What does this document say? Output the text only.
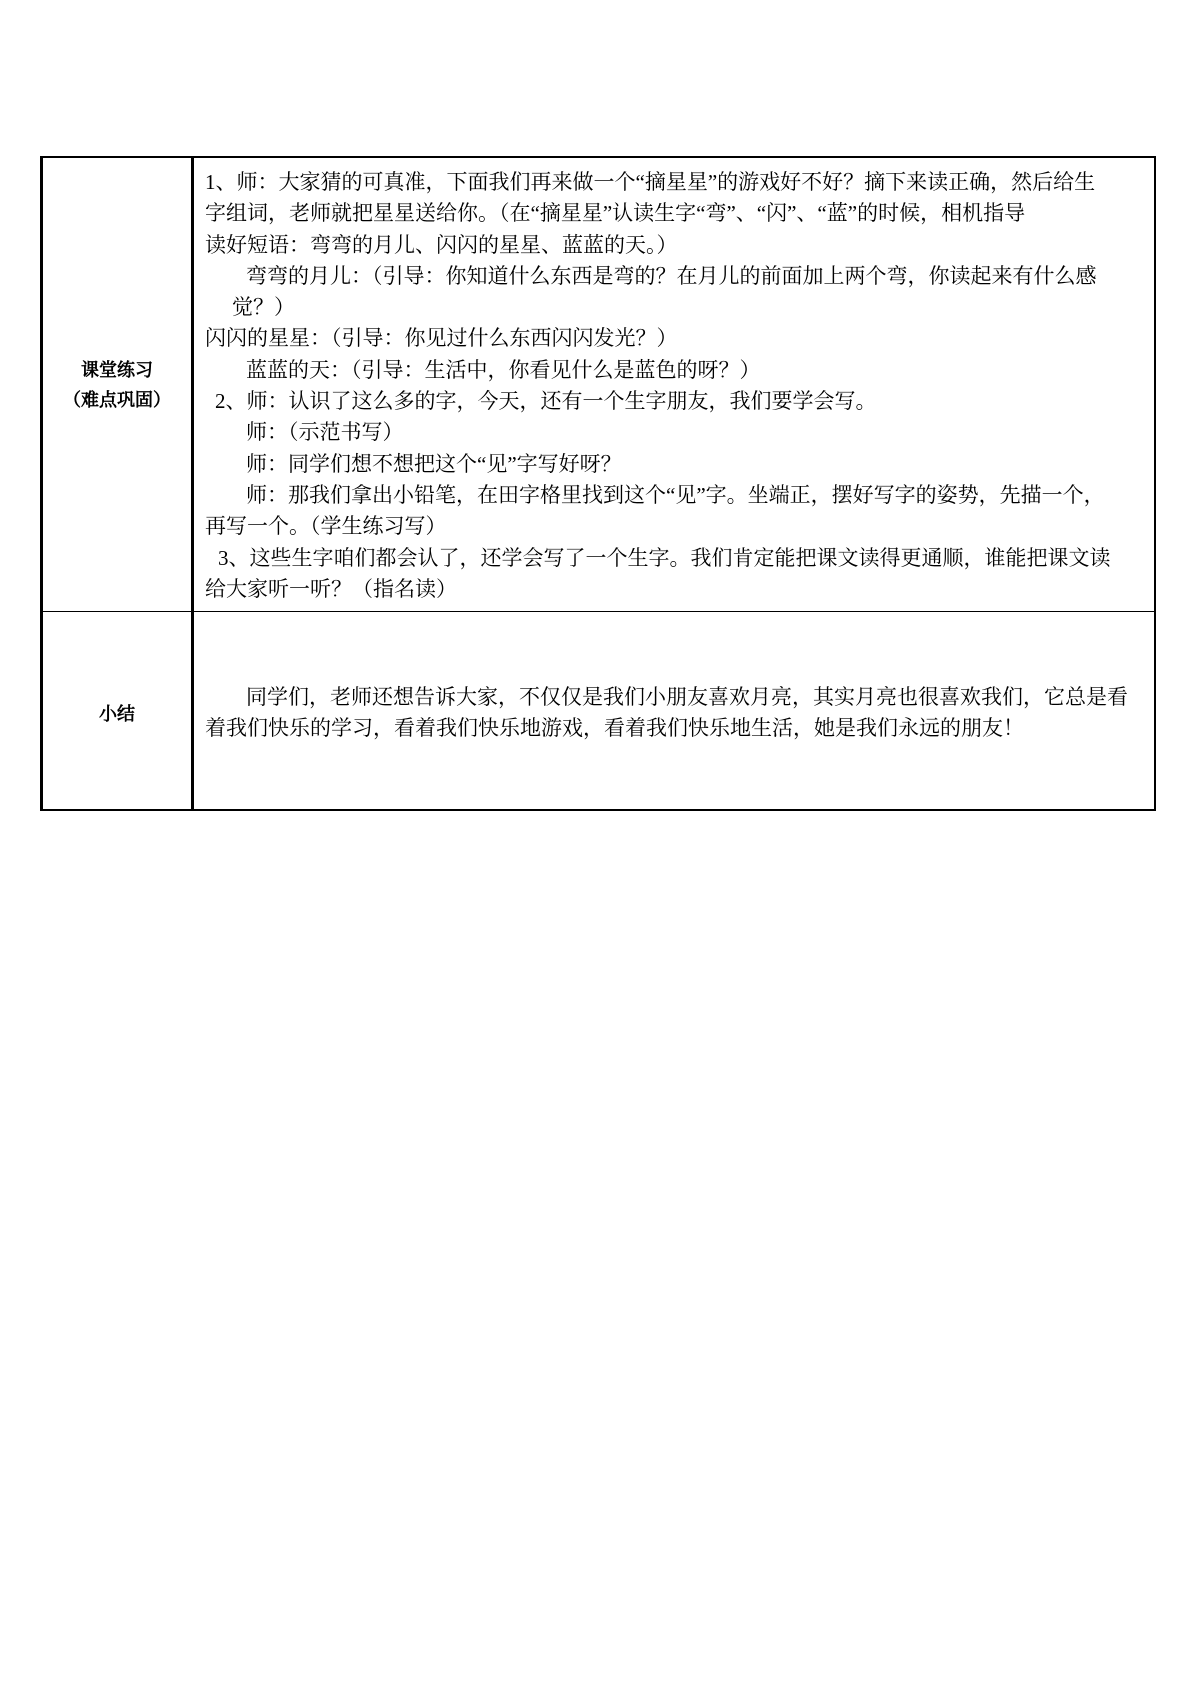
课堂练习
（难点巩固）
1、师：大家猜的可真准，下面我们再来做一个“摘星星”的游戏好不好？摘下来读正确，然后给生
字组词，老师就把星星送给你。（在“摘星星”认读生字“弯”、“闪”、“蓝”的时候，相机指导
读好短语：弯弯的月儿、闪闪的星星、蓝蓝的天。）
弯弯的月儿：（引导：你知道什么东西是弯的？在月儿的前面加上两个弯，你读起来有什么感
觉？）
闪闪的星星：（引导：你见过什么东西闪闪发光？）
蓝蓝的天：（引导：生活中，你看见什么是蓝色的呀？）
2、师：认识了这么多的字，今天，还有一个生字朋友，我们要学会写。
师：（示范书写）
师：同学们想不想把这个“见”字写好呀？
师：那我们拿出小铅笔，在田字格里找到这个“见”字。坐端正，摆好写字的姿势，先描一个，
再写一个。（学生练习写）
3、这些生字咱们都会认了，还学会写了一个生字。我们肯定能把课文读得更通顺，谁能把课文读
给大家听一听？（指名读）
小结
同学们，老师还想告诉大家，不仅仅是我们小朋友喜欢月亮，其实月亮也很喜欢我们，它总是看
着我们快乐的学习，看着我们快乐地游戏，看着我们快乐地生活，她是我们永远的朋友！
